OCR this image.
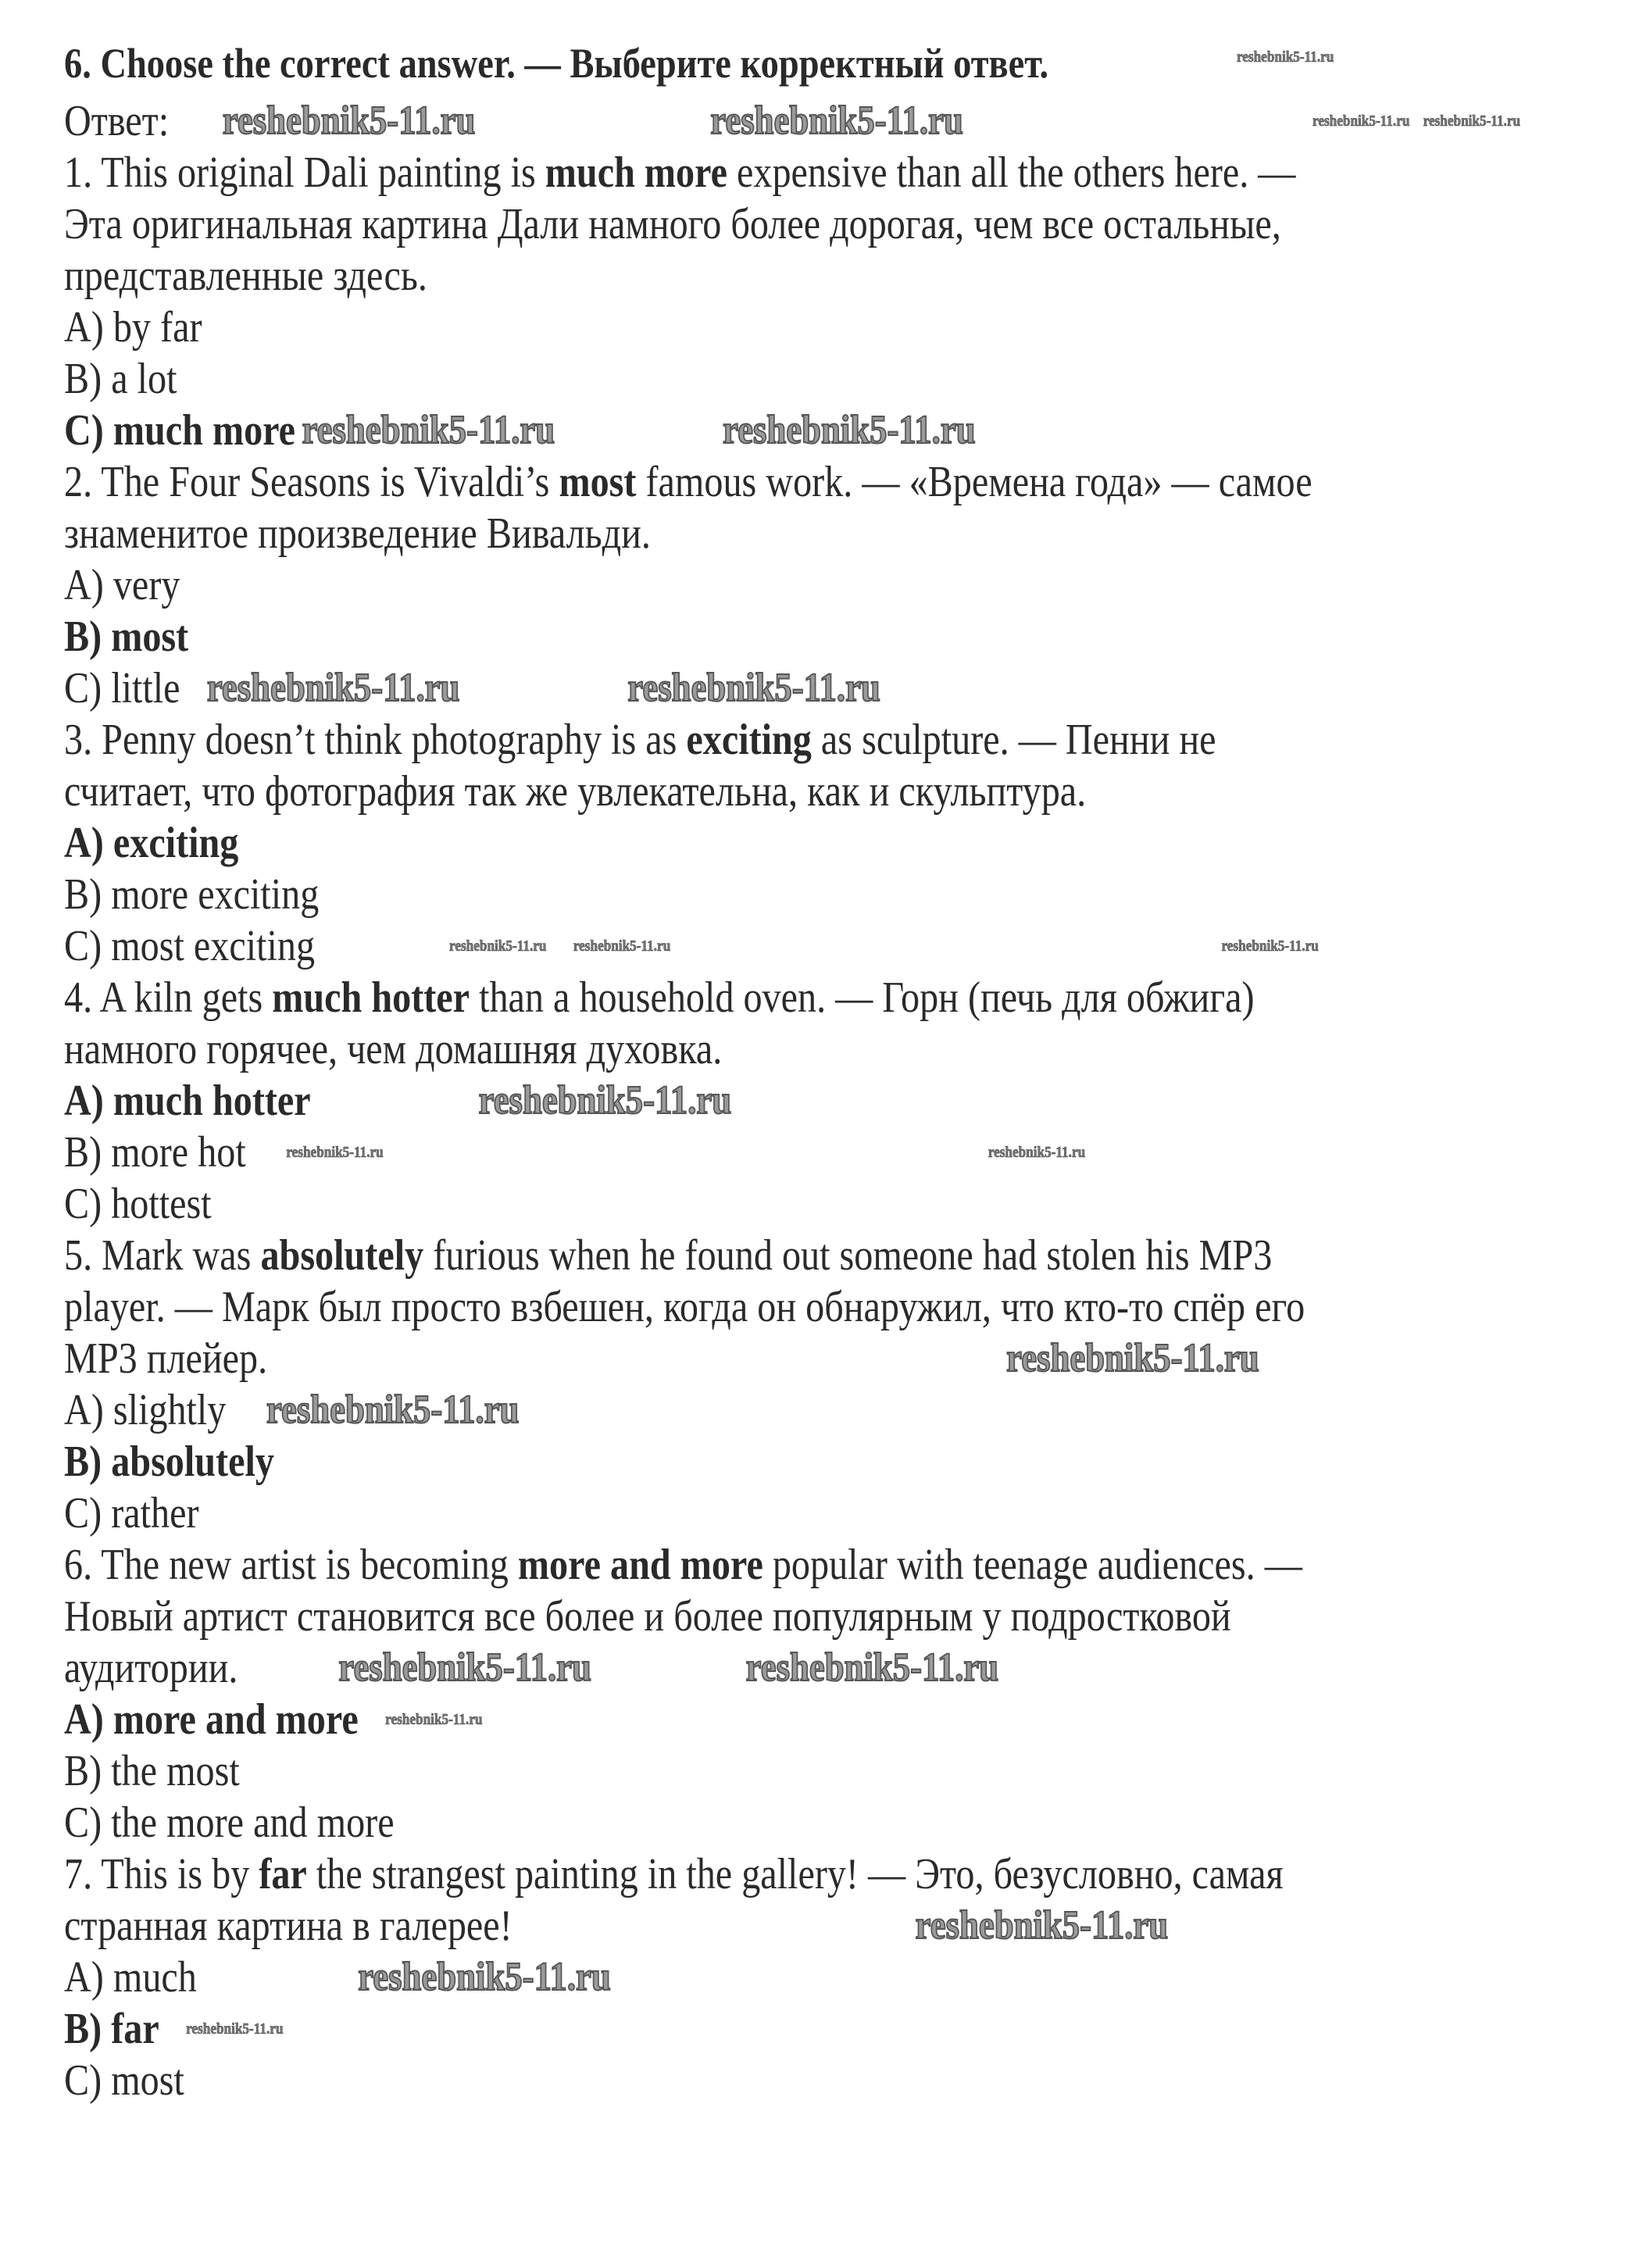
6. Choose the correct answer. — Выберите корректный ответ.	reshebnik5-11.ru
Ответ: reshebnik5-11.ru	reshebnik5-11.ru	reshebnik5-11.ru reshebnik5-11.ru
1. This original Dali painting is much more expensive than all the others here. —
Эта оригинальная картина Дали намного более дорогая, чем все остальные,
представленные здесь.
A) by far
B) a lot
C) much more reshebnik5-11.ru	reshebnik5-11.ru
2. The Four Seasons is Vivaldi’s most famous work. — «Времена года» — самое
знаменитое произведение Вивальди.
A) very
B) most
C) little reshebnik5-11.ru	reshebnik5-11.ru
3. Penny doesn’t think photography is as exciting as sculpture. — Пенни не
считает, что фотография так же увлекательна, как и скульптура.
A) exciting
B) more exciting
C) most exciting	reshebnik5-11.ru reshebnik5-11.ru	reshebnik5-11.ru
4. A kiln gets much hotter than a household oven. — Горн (печь для обжига)
намного горячее, чем домашняя духовка.
A) much hotter	reshebnik5-11.ru
B) more hot	reshebnik5-11.ru	reshebnik5-11.ru
C) hottest
5. Mark was absolutely furious when he found out someone had stolen his MP3
player. — Марк был просто взбешен, когда он обнаружил, что кто-то спёр его
MP3 плейер.	reshebnik5-11.ru
A) slightly reshebnik5-11.ru
B) absolutely
C) rather
6. The new artist is becoming more and more popular with teenage audiences. —
Новый артист становится все более и более популярным у подростковой
аудитории. reshebnik5-11.ru	reshebnik5-11.ru
A) more and more reshebnik5-11.ru
B) the most
C) the more and more
7. This is by far the strangest painting in the gallery! — Это, безусловно, самая
странная картина в галерее!	reshebnik5-11.ru
A) much	reshebnik5-11.ru
B) far reshebnik5-11.ru
C) most
